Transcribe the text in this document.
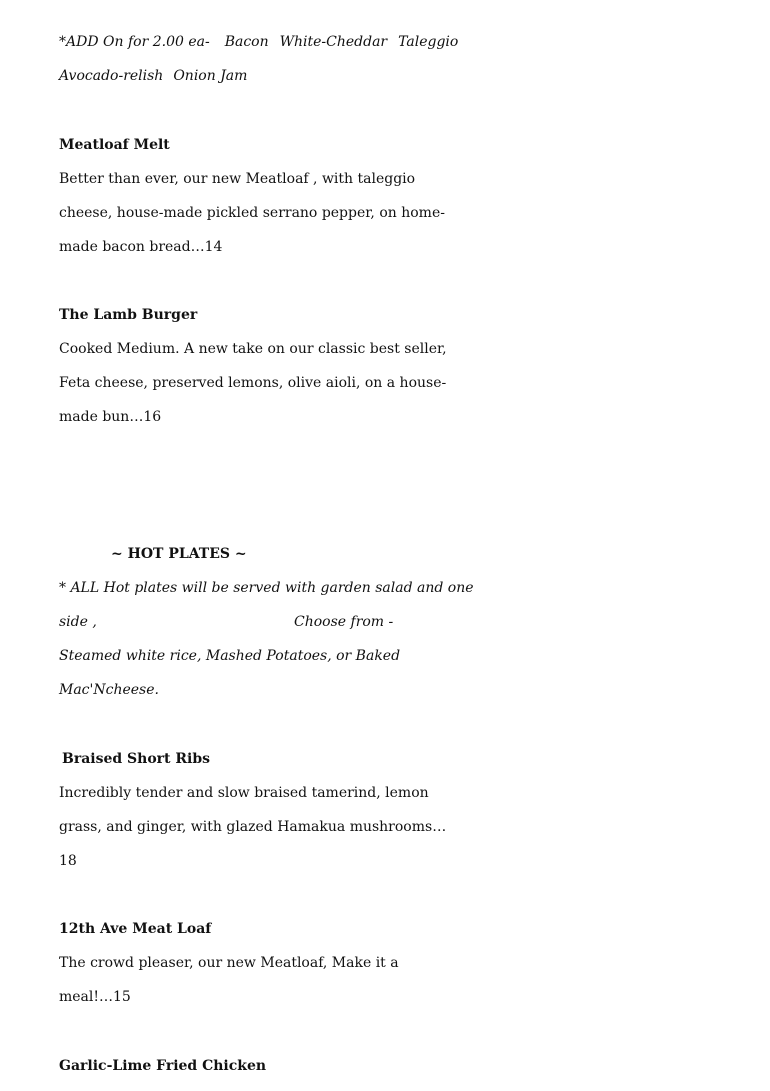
*ADD On for 2.00 ea- Bacon White-Cheddar Taleggio
Avocado-relish Onion Jam
Meatloaf Melt
Better than ever, our new Meatloaf , with taleggio
cheese, house-made pickled serrano pepper, on home-
made bacon bread…14
The Lamb Burger
Cooked Medium. A new take on our classic best seller,
Feta cheese, preserved lemons, olive aioli, on a house-
made bun…16
~ HOT PLATES ~
* ALL Hot plates will be served with garden salad and one
side ,	Choose from -
Steamed white rice, Mashed Potatoes, or Baked
Mac'Ncheese.
Braised Short Ribs
Incredibly tender and slow braised tamerind, lemon
grass, and ginger, with glazed Hamakua mushrooms…
18
12th Ave Meat Loaf
The crowd pleaser, our new Meatloaf, Make it a
meal!…15
Garlic-Lime Fried Chicken
